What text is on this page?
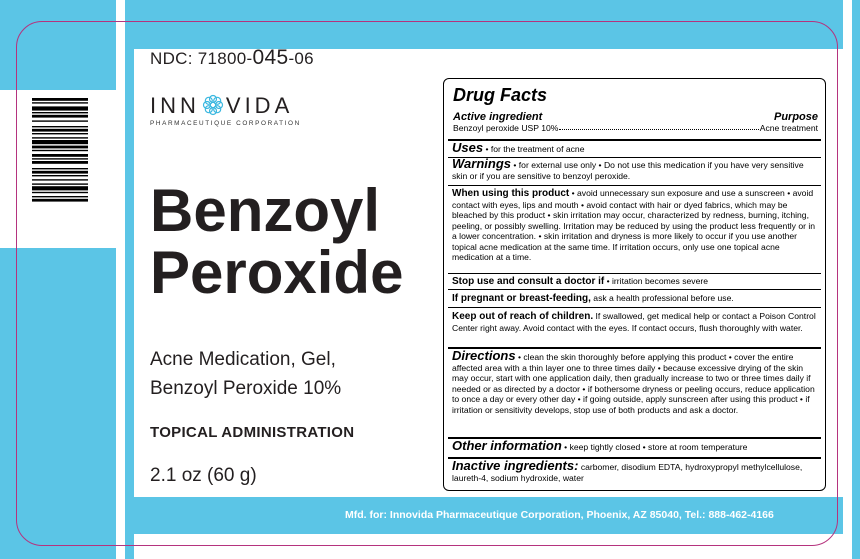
NDC: 71800-045-06
INN VIDA
PHARMACEUTIQUE CORPORATION
Benzoyl
Peroxide
Acne Medication, Gel,
Benzoyl Peroxide 10%
TOPICAL ADMINISTRATION
2.1 oz (60 g)
Mfd. for: Innovida Pharmaceutique Corporation, Phoenix, AZ 85040, Tel.: 888-462-4166
Drug Facts
Active ingredient	Purpose
Benzoyl peroxide USP 10%	Acne treatment
Uses • for the treatment of acne
Warnings • for external use only • Do not use this medication if you have very sensitive skin or if you are sensitive to benzoyl peroxide.
When using this product • avoid unnecessary sun exposure and use a sunscreen • avoid contact with eyes, lips and mouth • avoid contact with hair or dyed fabrics, which may be bleached by this product • skin irritation may occur, characterized by redness, burning, itching, peeling, or possibly swelling. Irritation may be reduced by using the product less frequently or in a lower concentration. • skin irritation and dryness is more likely to occur if you use another topical acne medication at the same time. If irritation occurs, only use one topical acne medication at a time.
Stop use and consult a doctor if • irritation becomes severe
If pregnant or breast-feeding, ask a health professional before use.
Keep out of reach of children. If swallowed, get medical help or contact a Poison Control Center right away. Avoid contact with the eyes. If contact occurs, flush thoroughly with water.
Directions • clean the skin thoroughly before applying this product • cover the entire affected area with a thin layer one to three times daily • because excessive drying of the skin may occur, start with one application daily, then gradually increase to two or three times daily if needed or as directed by a doctor • if bothersome dryness or peeling occurs, reduce application to once a day or every other day • if going outside, apply sunscreen after using this product • if irritation or sensitivity develops, stop use of both products and ask a doctor.
Other information • keep tightly closed • store at room temperature
Inactive ingredients: carbomer, disodium EDTA, hydroxypropyl methylcellulose, laureth-4, sodium hydroxide, water
